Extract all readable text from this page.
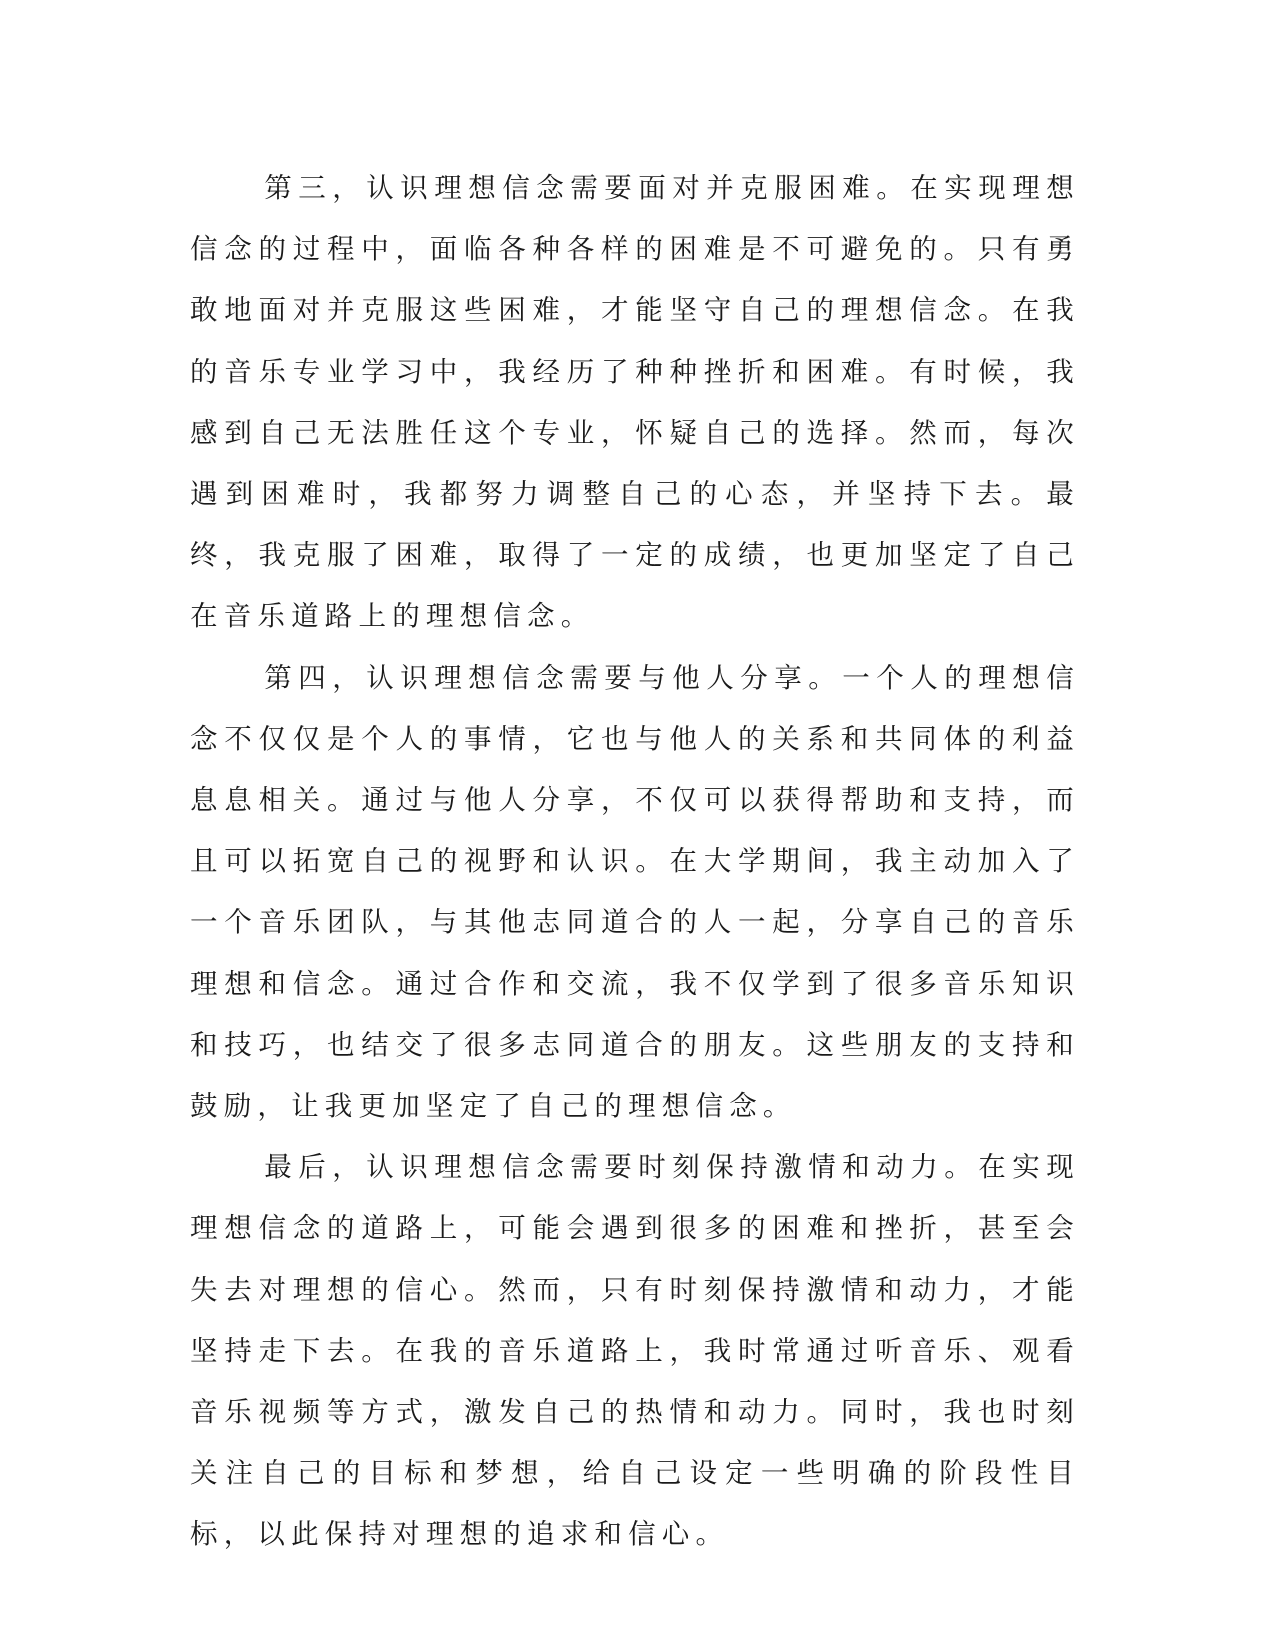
第三，认识理想信念需要面对并克服困难。在实现理想信念的过程中，面临各种各样的困难是不可避免的。只有勇敢地面对并克服这些困难，才能坚守自己的理想信念。在我的音乐专业学习中，我经历了种种挫折和困难。有时候，我感到自己无法胜任这个专业，怀疑自己的选择。然而，每次遇到困难时，我都努力调整自己的心态，并坚持下去。最终，我克服了困难，取得了一定的成绩，也更加坚定了自己在音乐道路上的理想信念。

第四，认识理想信念需要与他人分享。一个人的理想信念不仅仅是个人的事情，它也与他人的关系和共同体的利益息息相关。通过与他人分享，不仅可以获得帮助和支持，而且可以拓宽自己的视野和认识。在大学期间，我主动加入了一个音乐团队，与其他志同道合的人一起，分享自己的音乐理想和信念。通过合作和交流，我不仅学到了很多音乐知识和技巧，也结交了很多志同道合的朋友。这些朋友的支持和鼓励，让我更加坚定了自己的理想信念。

最后，认识理想信念需要时刻保持激情和动力。在实现理想信念的道路上，可能会遇到很多的困难和挫折，甚至会失去对理想的信心。然而，只有时刻保持激情和动力，才能坚持走下去。在我的音乐道路上，我时常通过听音乐、观看音乐视频等方式，激发自己的热情和动力。同时，我也时刻关注自己的目标和梦想，给自己设定一些明确的阶段性目标，以此保持对理想的追求和信心。
